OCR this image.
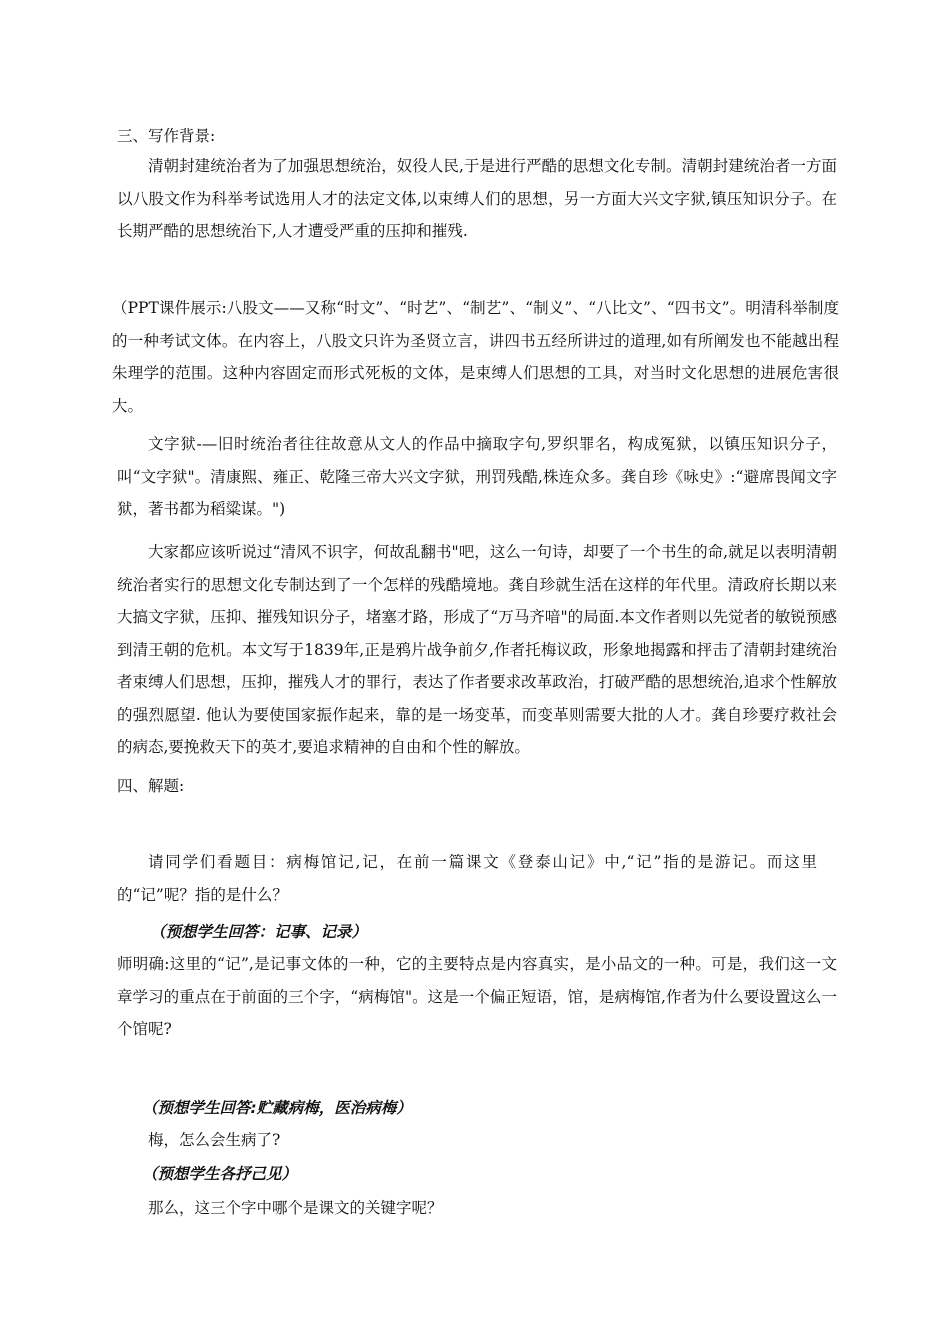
三、写作背景:

清朝封建统治者为了加强思想统治，奴役人民,于是进行严酷的思想文化专制。清朝封建统治者一方面以八股文作为科举考试选用人才的法定文体,以束缚人们的思想，另一方面大兴文字狱,镇压知识分子。在长期严酷的思想统治下,人才遭受严重的压抑和摧残.

（PPT课件展示:八股文——又称“时文”、“时艺”、“制艺”、“制义”、“八比文”、“四书文”。明清科举制度的一种考试文体。在内容上，八股文只许为圣贤立言，讲四书五经所讲过的道理,如有所阐发也不能越出程朱理学的范围。这种内容固定而形式死板的文体，是束缚人们思想的工具，对当时文化思想的进展危害很大。

文字狱-—旧时统治者往往故意从文人的作品中摘取字句,罗织罪名，构成冤狱，以镇压知识分子，叫“文字狱"。清康熙、雍正、乾隆三帝大兴文字狱，刑罚残酷,株连众多。龚自珍《咏史》:“避席畏闻文字狱，著书都为稻粱谋。")

大家都应该听说过“清风不识字，何故乱翻书"吧，这么一句诗，却要了一个书生的命,就足以表明清朝统治者实行的思想文化专制达到了一个怎样的残酷境地。龚自珍就生活在这样的年代里。清政府长期以来大搞文字狱，压抑、摧残知识分子，堵塞才路，形成了“万马齐喑"的局面.本文作者则以先觉者的敏锐预感到清王朝的危机。本文写于1839年,正是鸦片战争前夕,作者托梅议政，形象地揭露和抨击了清朝封建统治者束缚人们思想，压抑，摧残人才的罪行，表达了作者要求改革政治，打破严酷的思想统治,追求个性解放的强烈愿望. 他认为要使国家振作起来，靠的是一场变革，而变革则需要大批的人才。龚自珍要疗救社会的病态,要挽救天下的英才,要追求精神的自由和个性的解放。

四、解题:

请同学们看题目：病梅馆记,记，在前一篇课文《登泰山记》中,“记”指的是游记。而这里的“记”呢？指的是什么？

（预想学生回答：记事、记录）

师明确:这里的“记”,是记事文体的一种，它的主要特点是内容真实，是小品文的一种。可是，我们这一文章学习的重点在于前面的三个字，“病梅馆"。这是一个偏正短语，馆，是病梅馆,作者为什么要设置这么一个馆呢?

（预想学生回答:贮藏病梅，医治病梅）

梅，怎么会生病了?

（预想学生各抒己见）

那么，这三个字中哪个是课文的关键字呢？
